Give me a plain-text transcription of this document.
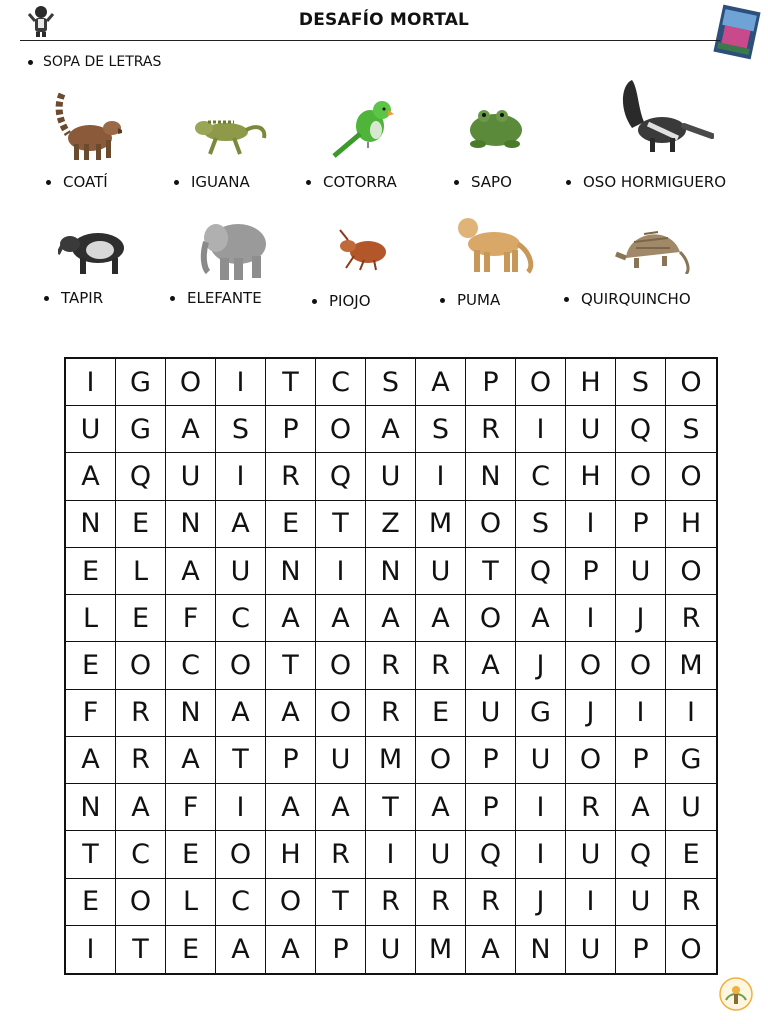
DESAFÍO MORTAL
SOPA DE LETRAS
COATÍ	IGUANA	COTORRA	SAPO	OSO HORMIGUERO
TAPIR	ELEFANTE	PIOJO	PUMA	QUIRQUINCHO
I	G	O	I	T	C	S	A	P	O	H	S	O
U	G	A	S	P	O	A	S	R	I	U	Q	S
A	Q	U	I	R	Q	U	I	N	C	H	O	O
N	E	N	A	E	T	Z	M	O	S	I	P	H
E	L	A	U	N	I	N	U	T	Q	P	U	O
L	E	F	C	A	A	A	A	O	A	I	J	R
E	O	C	O	T	O	R	R	A	J	O	O	M
F	R	N	A	A	O	R	E	U	G	J	I	I
A	R	A	T	P	U	M	O	P	U	O	P	G
N	A	F	I	A	A	T	A	P	I	R	A	U
T	C	E	O	H	R	I	U	Q	I	U	Q	E
E	O	L	C	O	T	R	R	R	J	I	U	R
I	T	E	A	A	P	U	M	A	N	U	P	O
